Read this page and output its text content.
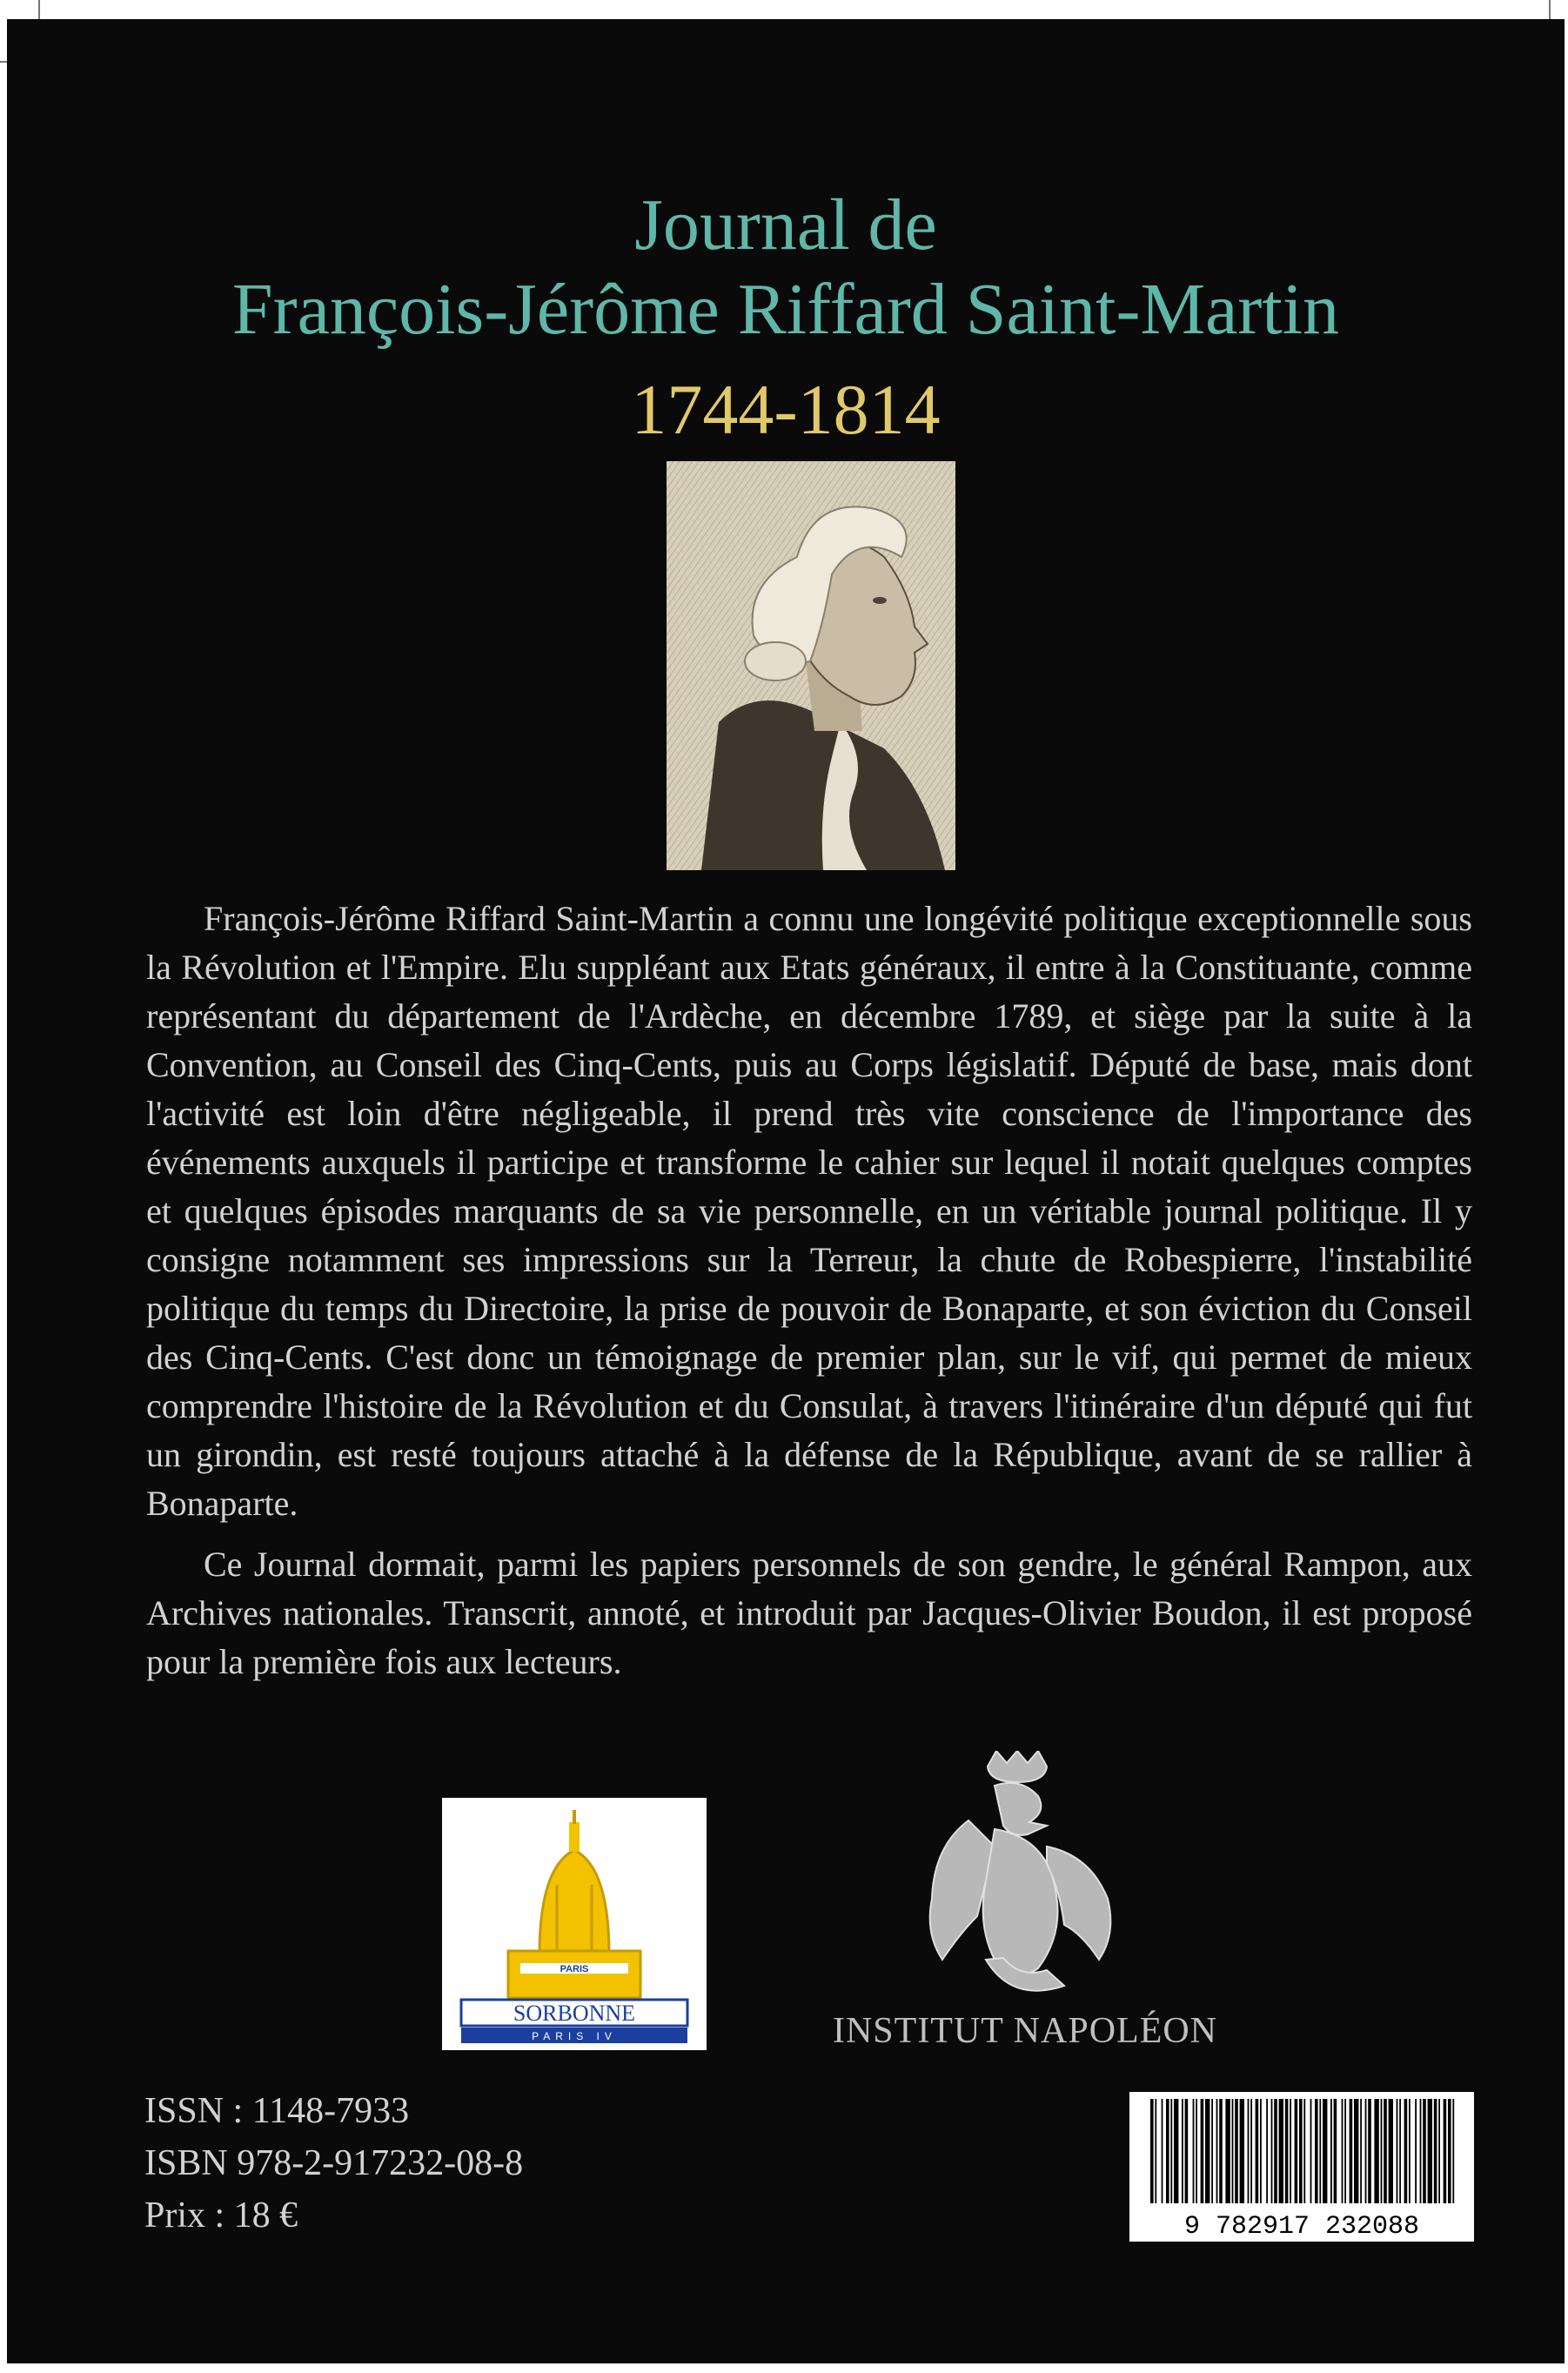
Journal de
François-Jérôme Riffard Saint-Martin
1744-1814

François-Jérôme Riffard Saint-Martin a connu une longévité politique exceptionnelle sous la Révolution et l'Empire. Elu suppléant aux Etats généraux, il entre à la Constituante, comme représentant du département de l'Ardèche, en décembre 1789, et siège par la suite à la Convention, au Conseil des Cinq-Cents, puis au Corps législatif. Député de base, mais dont l'activité est loin d'être négligeable, il prend très vite conscience de l'importance des événements auxquels il participe et transforme le cahier sur lequel il notait quelques comptes et quelques épisodes marquants de sa vie personnelle, en un véritable journal politique. Il y consigne notamment ses impressions sur la Terreur, la chute de Robespierre, l'instabilité politique du temps du Directoire, la prise de pouvoir de Bonaparte, et son éviction du Conseil des Cinq-Cents. C'est donc un témoignage de premier plan, sur le vif, qui permet de mieux comprendre l'histoire de la Révolution et du Consulat, à travers l'itinéraire d'un député qui fut un girondin, est resté toujours attaché à la défense de la République, avant de se rallier à Bonaparte.

Ce Journal dormait, parmi les papiers personnels de son gendre, le général Rampon, aux Archives nationales. Transcrit, annoté, et introduit par Jacques-Olivier Boudon, il est proposé pour la première fois aux lecteurs.

PARIS
SORBONNE
PARIS IV	INSTITUT NAPOLÉON
ISSN : 1148-7933
ISBN 978-2-917232-08-8
Prix : 18 €	9 782917 232088
